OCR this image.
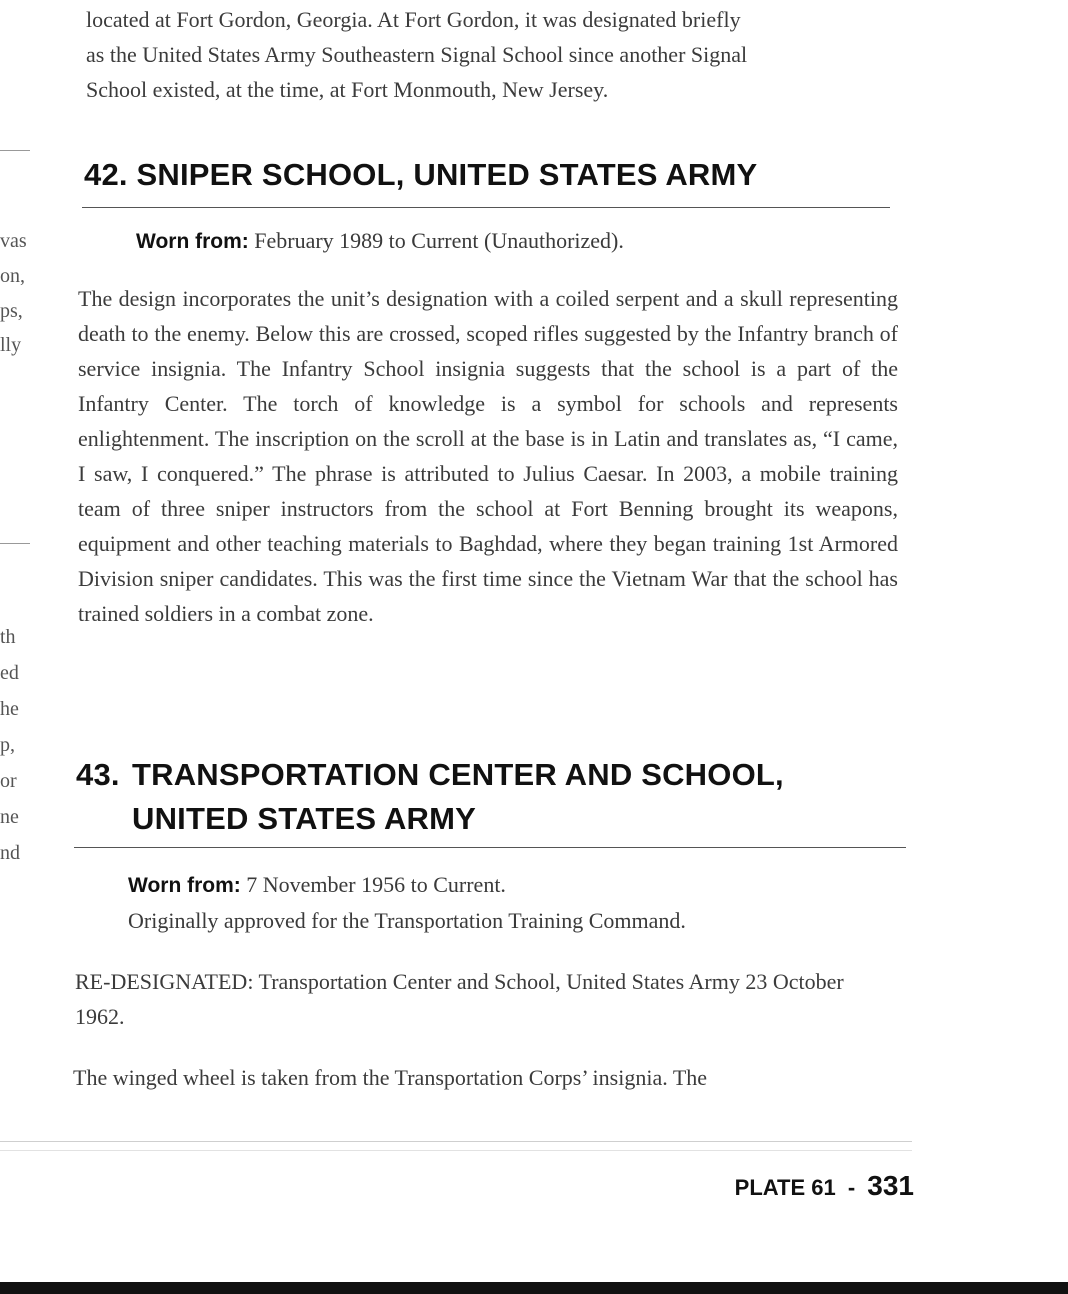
vas
on,
ps,
lly
th
ed
he
p,
or
ne
nd

located at Fort Gordon, Georgia. At Fort Gordon, it was designated briefly

as the United States Army Southeastern Signal School since another Signal

School existed, at the time, at Fort Monmouth, New Jersey.

42. SNIPER SCHOOL, UNITED STATES ARMY
Worn from: February 1989 to Current (Unauthorized).

The design incorporates the unit’s designation with a coiled serpent and a skull representing death to the enemy. Below this are crossed, scoped rifles suggested by the Infantry branch of service insignia. The Infantry School insignia suggests that the school is a part of the Infantry Center. The torch of knowledge is a symbol for schools and represents enlightenment. The inscription on the scroll at the base is in Latin and translates as, “I came, I saw, I conquered.” The phrase is attributed to Julius Caesar. In 2003, a mobile training team of three sniper instructors from the school at Fort Benning brought its weapons, equipment and other teaching materials to Baghdad, where they began training 1st Armored Division sniper candidates. This was the first time since the Vietnam War that the school has trained soldiers in a combat zone.

43. TRANSPORTATION CENTER AND SCHOOL,
UNITED STATES ARMY
Worn from: 7 November 1956 to Current.
Originally approved for the Transportation Training Command.

RE-DESIGNATED: Transportation Center and School, United States Army 23 October 1962.

The winged wheel is taken from the Transportation Corps’ insignia. The

PLATE 61 - 331
